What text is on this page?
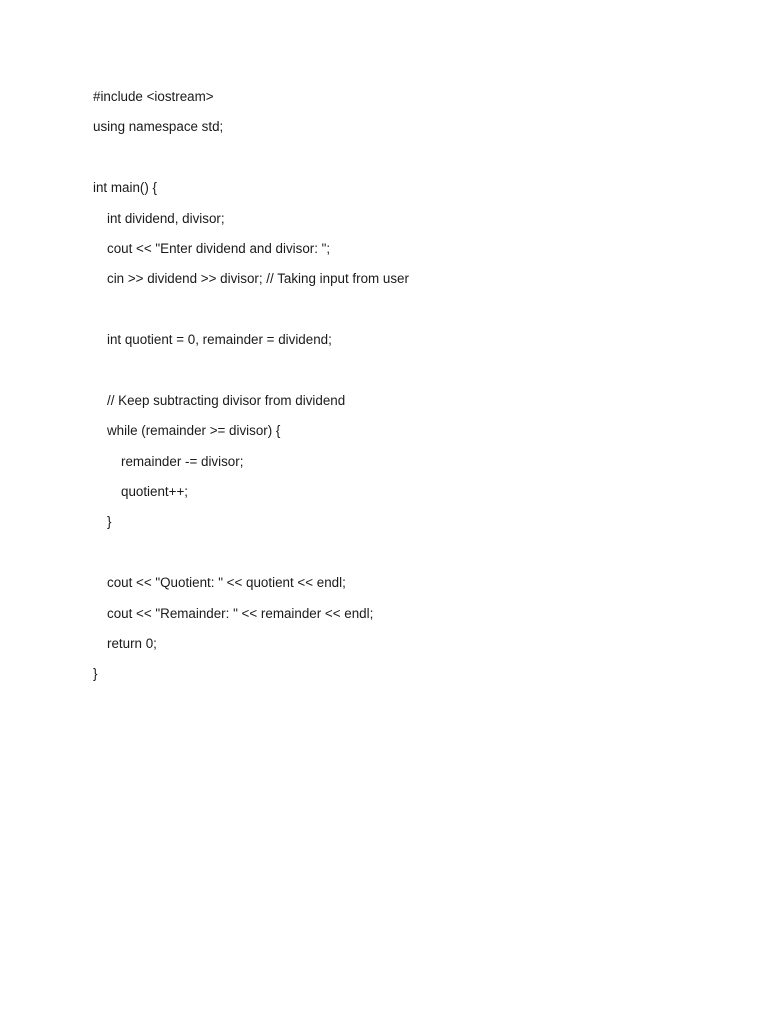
#include <iostream>
using namespace std;
int main() {
int dividend, divisor;
cout << "Enter dividend and divisor: ";
cin >> dividend >> divisor; // Taking input from user
int quotient = 0, remainder = dividend;
// Keep subtracting divisor from dividend
while (remainder >= divisor) {
remainder -= divisor;
quotient++;
}
cout << "Quotient: " << quotient << endl;
cout << "Remainder: " << remainder << endl;
return 0;
}
